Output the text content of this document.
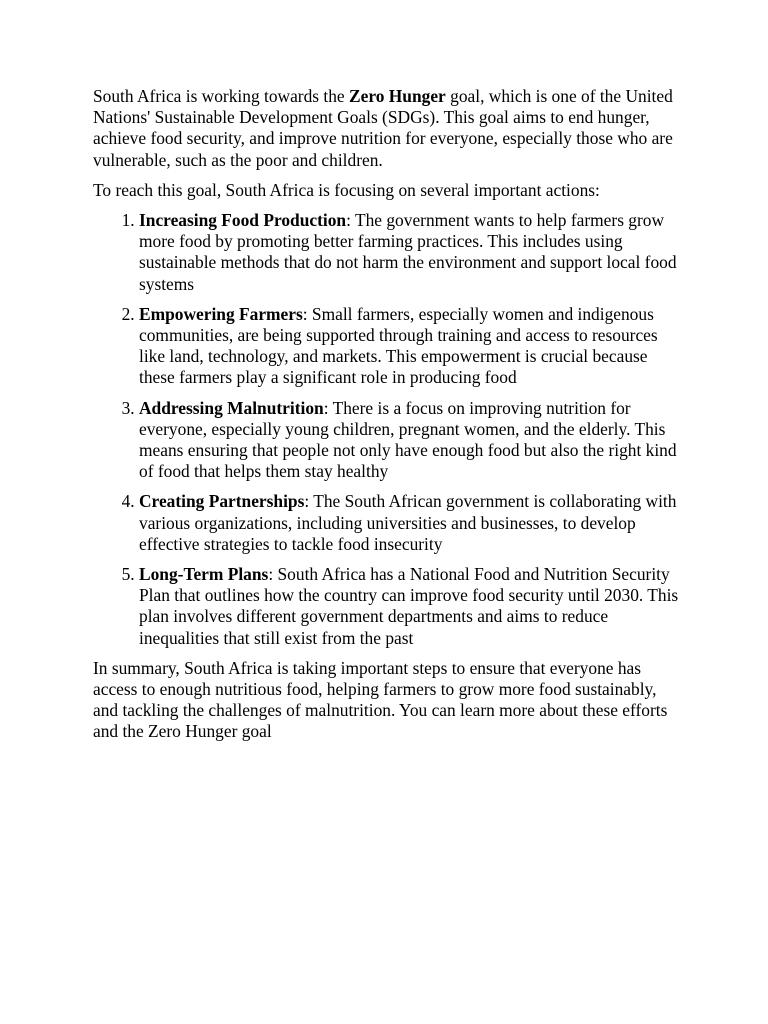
South Africa is working towards the Zero Hunger goal, which is one of the United Nations' Sustainable Development Goals (SDGs). This goal aims to end hunger, achieve food security, and improve nutrition for everyone, especially those who are vulnerable, such as the poor and children.

To reach this goal, South Africa is focusing on several important actions:

1. Increasing Food Production: The government wants to help farmers grow more food by promoting better farming practices. This includes using sustainable methods that do not harm the environment and support local food systems
2. Empowering Farmers: Small farmers, especially women and indigenous communities, are being supported through training and access to resources like land, technology, and markets. This empowerment is crucial because these farmers play a significant role in producing food
3. Addressing Malnutrition: There is a focus on improving nutrition for everyone, especially young children, pregnant women, and the elderly. This means ensuring that people not only have enough food but also the right kind of food that helps them stay healthy
4. Creating Partnerships: The South African government is collaborating with various organizations, including universities and businesses, to develop effective strategies to tackle food insecurity
5. Long-Term Plans: South Africa has a National Food and Nutrition Security Plan that outlines how the country can improve food security until 2030. This plan involves different government departments and aims to reduce inequalities that still exist from the past

In summary, South Africa is taking important steps to ensure that everyone has access to enough nutritious food, helping farmers to grow more food sustainably, and tackling the challenges of malnutrition. You can learn more about these efforts and the Zero Hunger goal
